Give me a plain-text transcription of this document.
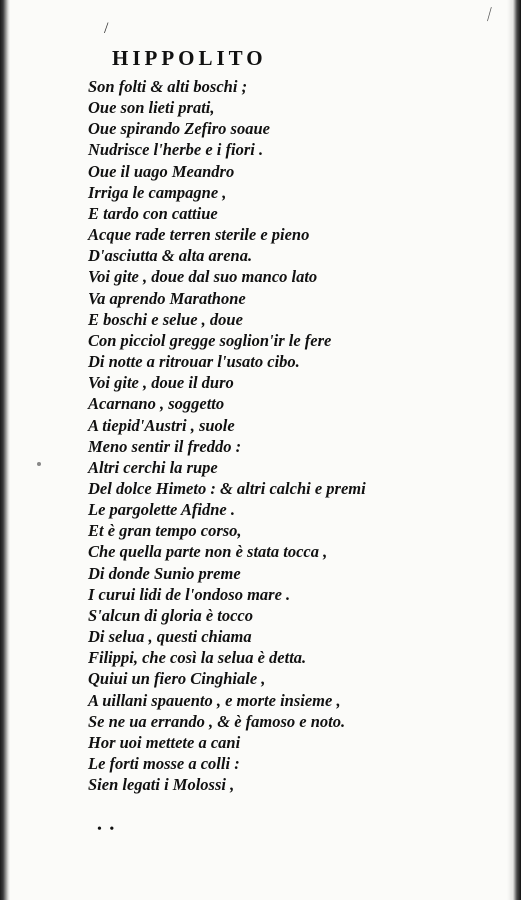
∕
/
HIPPOLITO
Son folti & alti boschi ;
Oue son lieti prati,
Oue spirando Zefiro soaue
Nudrisce l'herbe e i fiori .
Oue il uago Meandro
Irriga le campagne ,
E tardo con cattiue
Acque rade terren sterile e pieno
D'asciutta & alta arena.
Voi gite , doue dal suo manco lato
Va aprendo Marathone
E boschi e selue , doue
Con picciol gregge soglion'ir le fere
Di notte a ritrouar l'usato cibo.
Voi gite , doue il duro
Acarnano , soggetto
A tiepid'Austri , suole
Meno sentir il freddo :
Altri cerchi la rupe
Del dolce Himeto : & altri calchi e premi
Le pargolette Afidne .
Et è gran tempo corso,
Che quella parte non è stata tocca ,
Di donde Sunio preme
I curui lidi de l'ondoso mare .
S'alcun di gloria è tocco
Di selua , questi chiama
Filippi, che così la selua è detta.
Quiui un fiero Cinghiale ,
A uillani spauento , e morte insieme ,
Se ne ua errando , & è famoso e noto.
Hor uoi mettete a cani
Le forti mosse a colli :
Sien legati i Molossi ,
• •
